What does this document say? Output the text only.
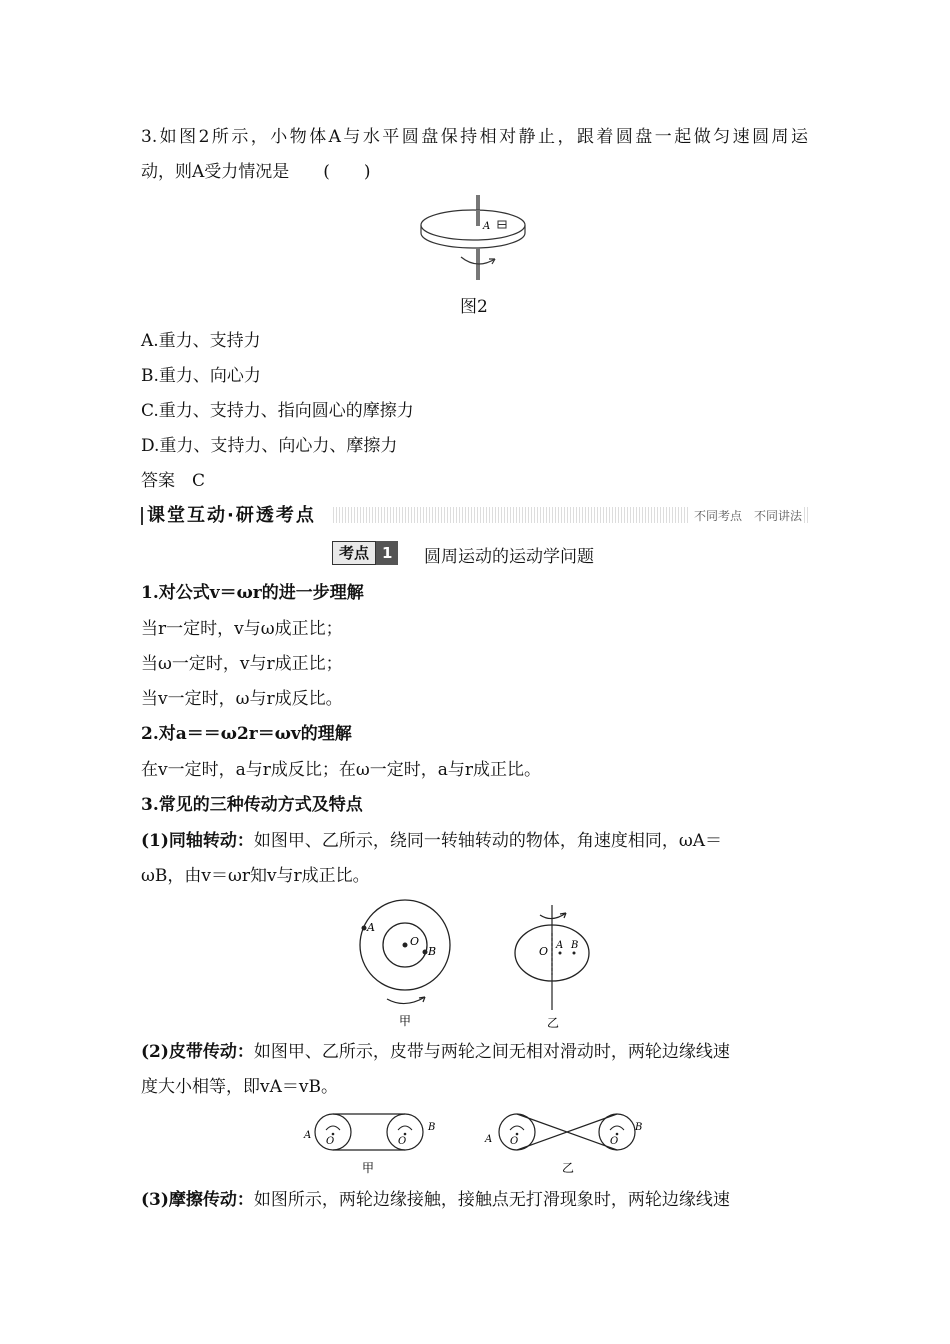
3.如图2所示，小物体A与水平圆盘保持相对静止，跟着圆盘一起做匀速圆周运
动，则A受力情况是　　(　　)
A
图2
A.重力、支持力
B.重力、向心力
C.重力、支持力、指向圆心的摩擦力
D.重力、支持力、向心力、摩擦力
答案　C
课堂互动·研透考点	不同考点　不同讲法
考点 1	圆周运动的运动学问题
1.对公式v＝ωr的进一步理解
当r一定时，v与ω成正比；
当ω一定时，v与r成正比；
当v一定时，ω与r成反比。
2.对a＝＝ω2r＝ωv的理解
在v一定时，a与r成反比；在ω一定时，a与r成正比。
3.常见的三种传动方式及特点
(1)同轴转动：如图甲、乙所示，绕同一转轴转动的物体，角速度相同，ωA＝
ωB，由v＝ωr知v与r成正比。
A
O
B
甲
O A B
乙
(2)皮带传动：如图甲、乙所示，皮带与两轮之间无相对滑动时，两轮边缘线速
度大小相等，即vA＝vB。
O	O
A
B
甲
O	O
A
B
乙
(3)摩擦传动：如图所示，两轮边缘接触，接触点无打滑现象时，两轮边缘线速
